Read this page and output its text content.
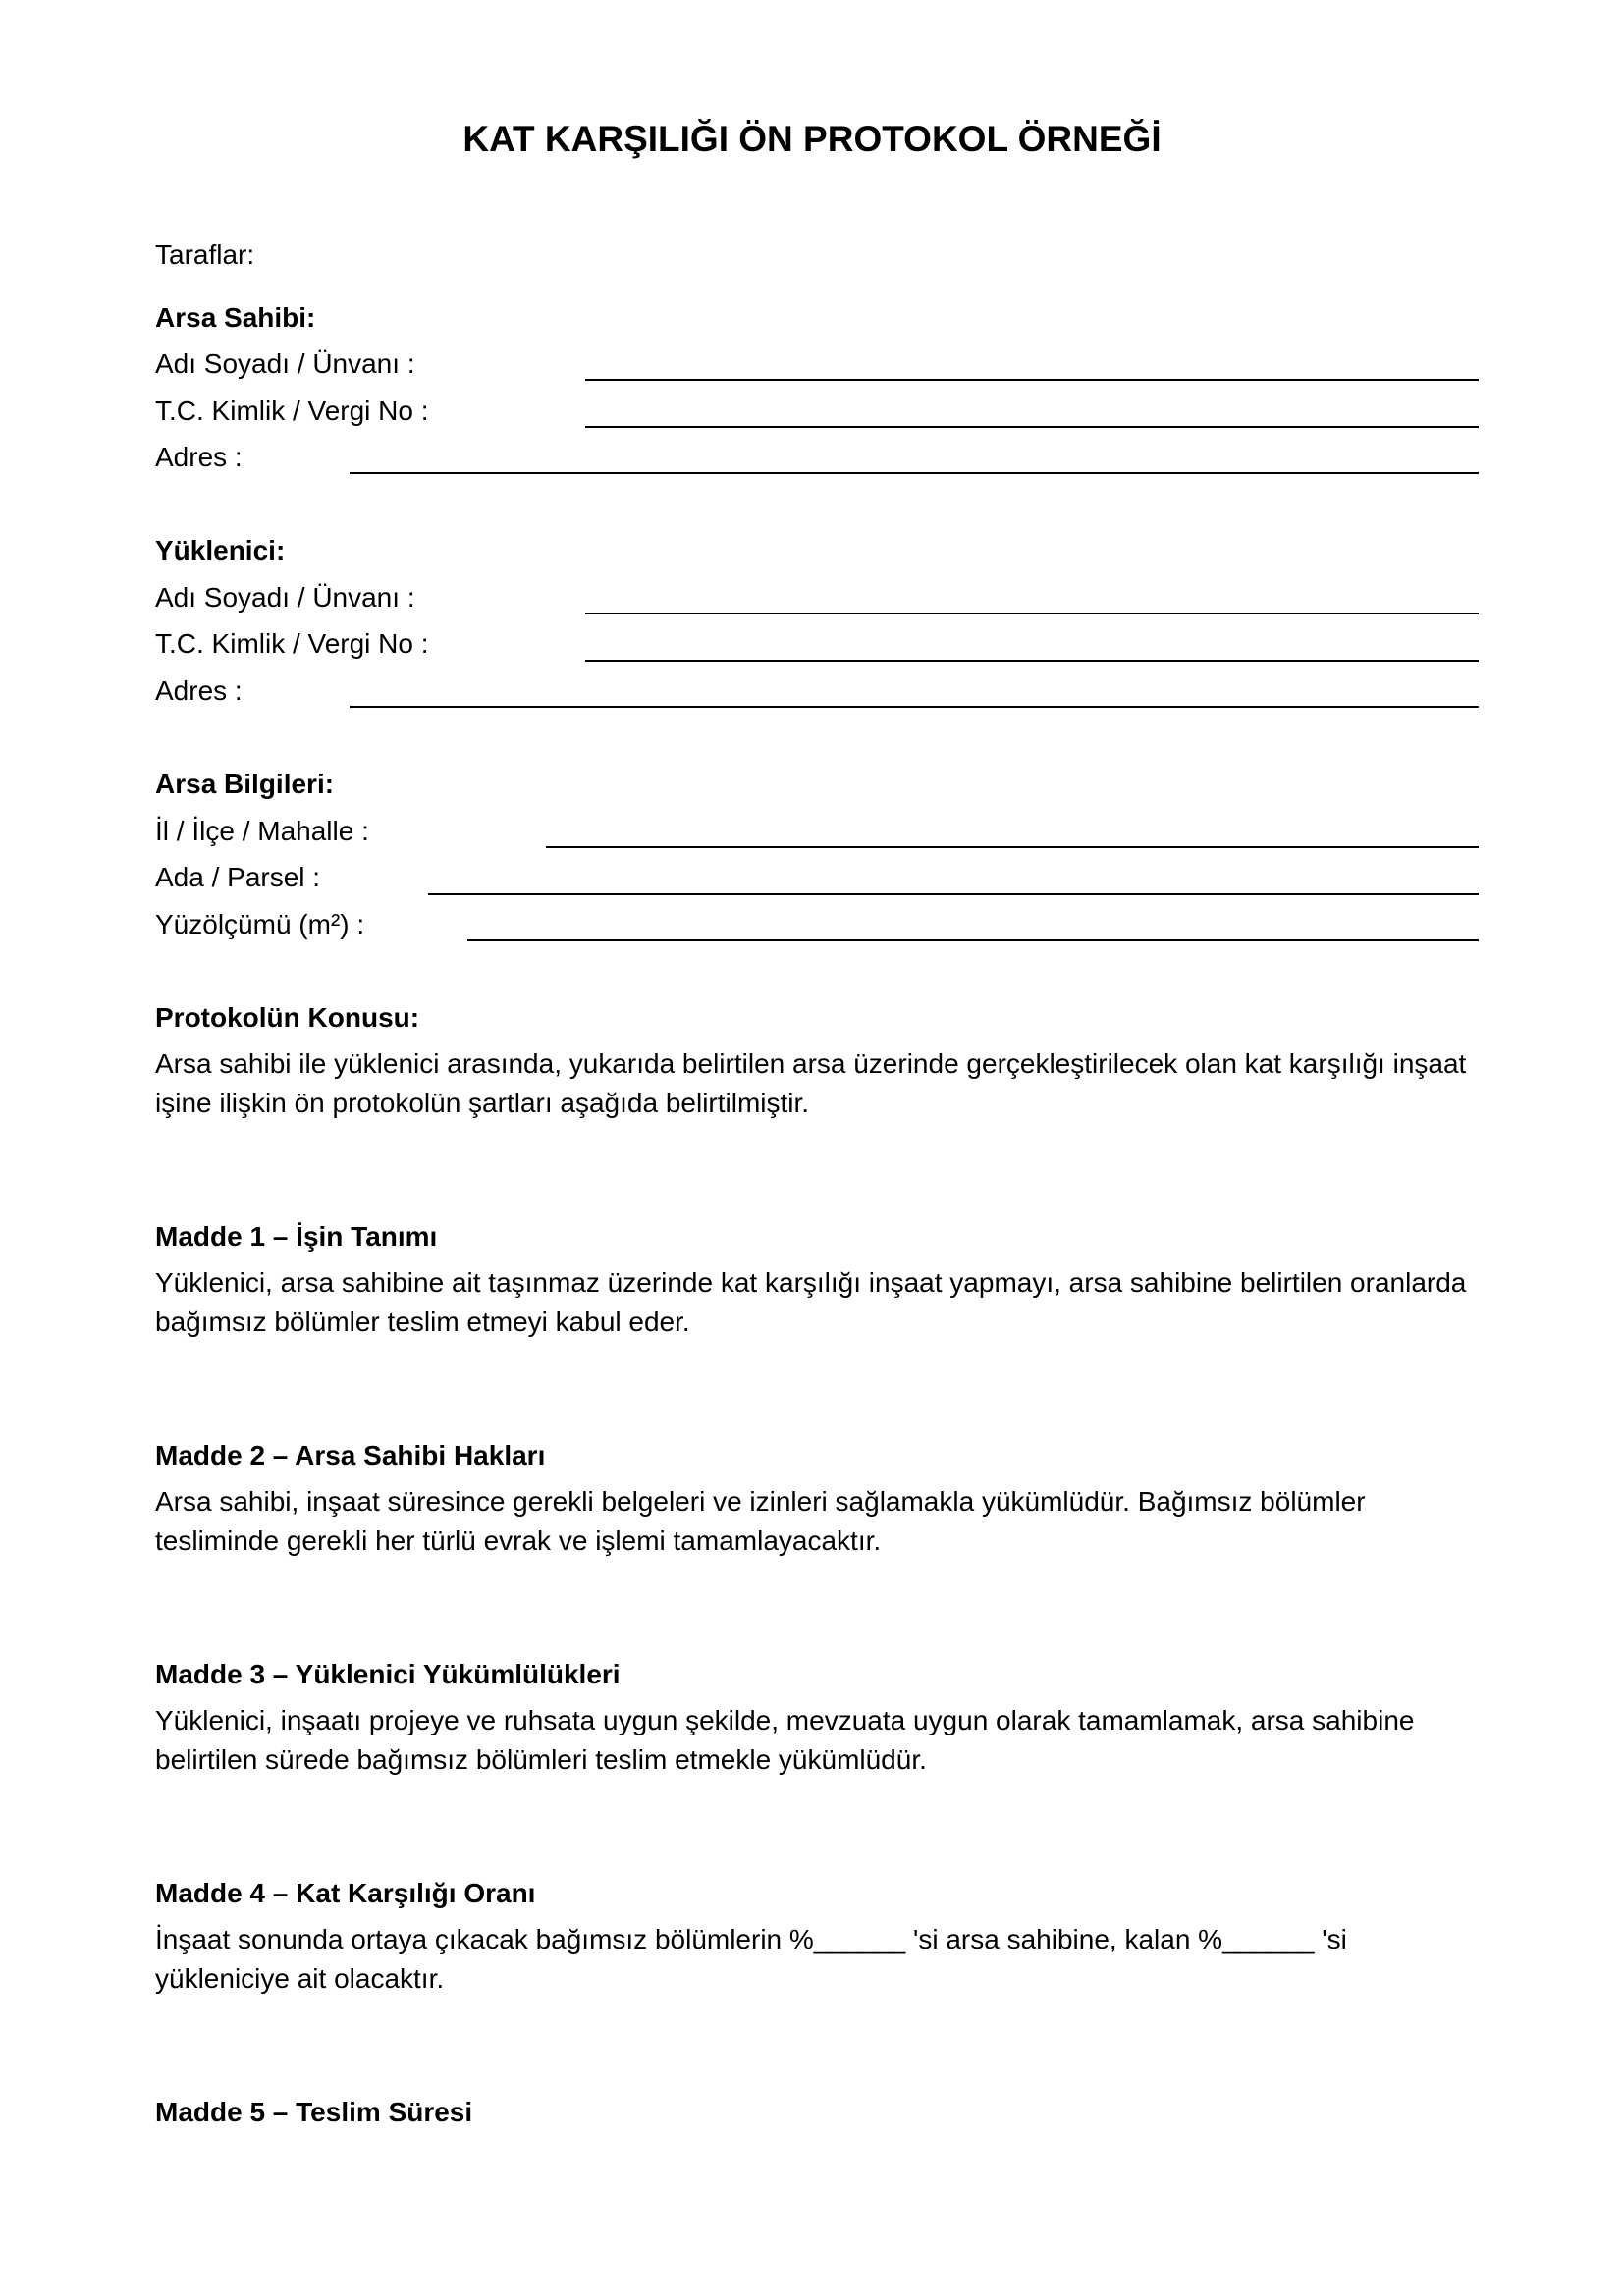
KAT KARŞILIĞI ÖN PROTOKOL ÖRNEĞİ
Taraflar:
Arsa Sahibi:
Adı Soyadı / Ünvanı :
T.C. Kimlik / Vergi No :
Adres :
Yüklenici:
Adı Soyadı / Ünvanı :
T.C. Kimlik / Vergi No :
Adres :
Arsa Bilgileri:
İl / İlçe / Mahalle :
Ada / Parsel :
Yüzölçümü (m²) :
Protokolün Konusu:
Arsa sahibi ile yüklenici arasında, yukarıda belirtilen arsa üzerinde gerçekleştirilecek olan kat karşılığı inşaat
işine ilişkin ön protokolün şartları aşağıda belirtilmiştir.
Madde 1 – İşin Tanımı
Yüklenici, arsa sahibine ait taşınmaz üzerinde kat karşılığı inşaat yapmayı, arsa sahibine belirtilen oranlarda
bağımsız bölümler teslim etmeyi kabul eder.
Madde 2 – Arsa Sahibi Hakları
Arsa sahibi, inşaat süresince gerekli belgeleri ve izinleri sağlamakla yükümlüdür. Bağımsız bölümler
tesliminde gerekli her türlü evrak ve işlemi tamamlayacaktır.
Madde 3 – Yüklenici Yükümlülükleri
Yüklenici, inşaatı projeye ve ruhsata uygun şekilde, mevzuata uygun olarak tamamlamak, arsa sahibine
belirtilen sürede bağımsız bölümleri teslim etmekle yükümlüdür.
Madde 4 – Kat Karşılığı Oranı
İnşaat sonunda ortaya çıkacak bağımsız bölümlerin %______ 'si arsa sahibine, kalan %______ 'si
yükleniciye ait olacaktır.
Madde 5 – Teslim Süresi
